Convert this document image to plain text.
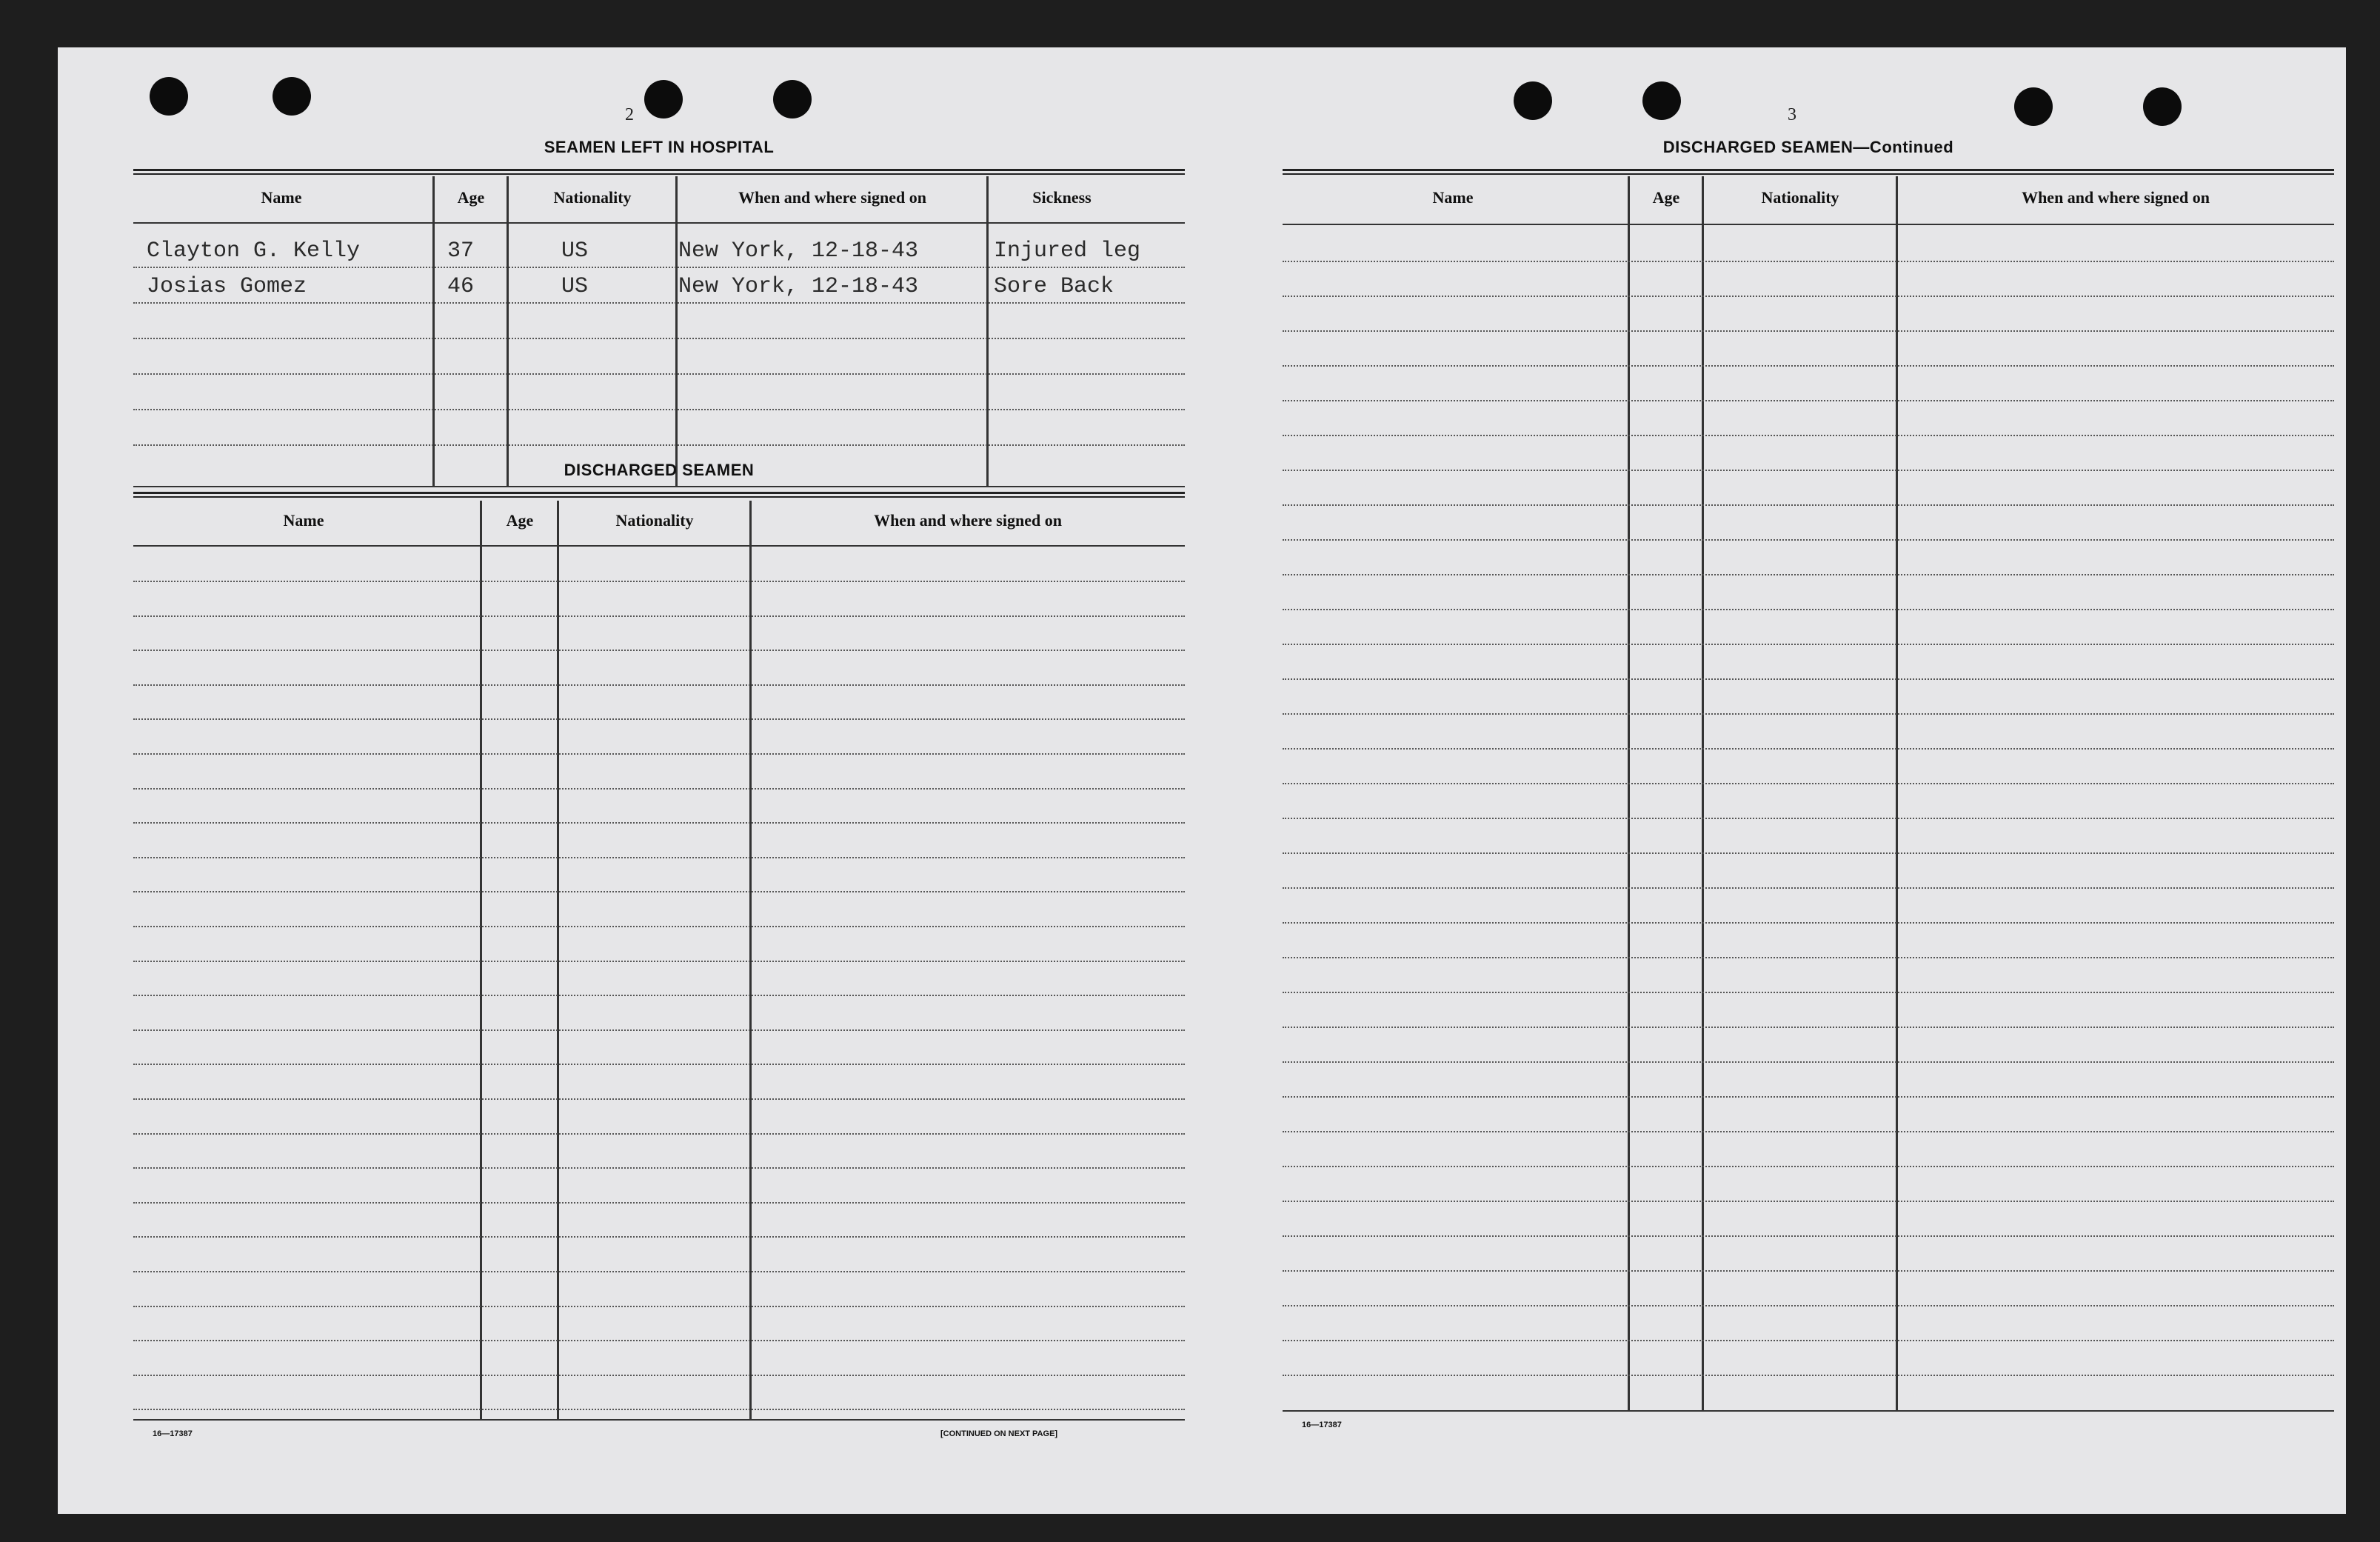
2
SEAMEN LEFT IN HOSPITAL
Name	Age	Nationality	When and where signed on	Sickness
Clayton G. Kelly	37	US	New York, 12-18-43	Injured leg
Josias Gomez	46	US	New York, 12-18-43	Sore Back
DISCHARGED SEAMEN
Name	Age	Nationality	When and where signed on
16—17387	[CONTINUED ON NEXT PAGE]
3
DISCHARGED SEAMEN—Continued
Name	Age	Nationality	When and where signed on
16—17387
